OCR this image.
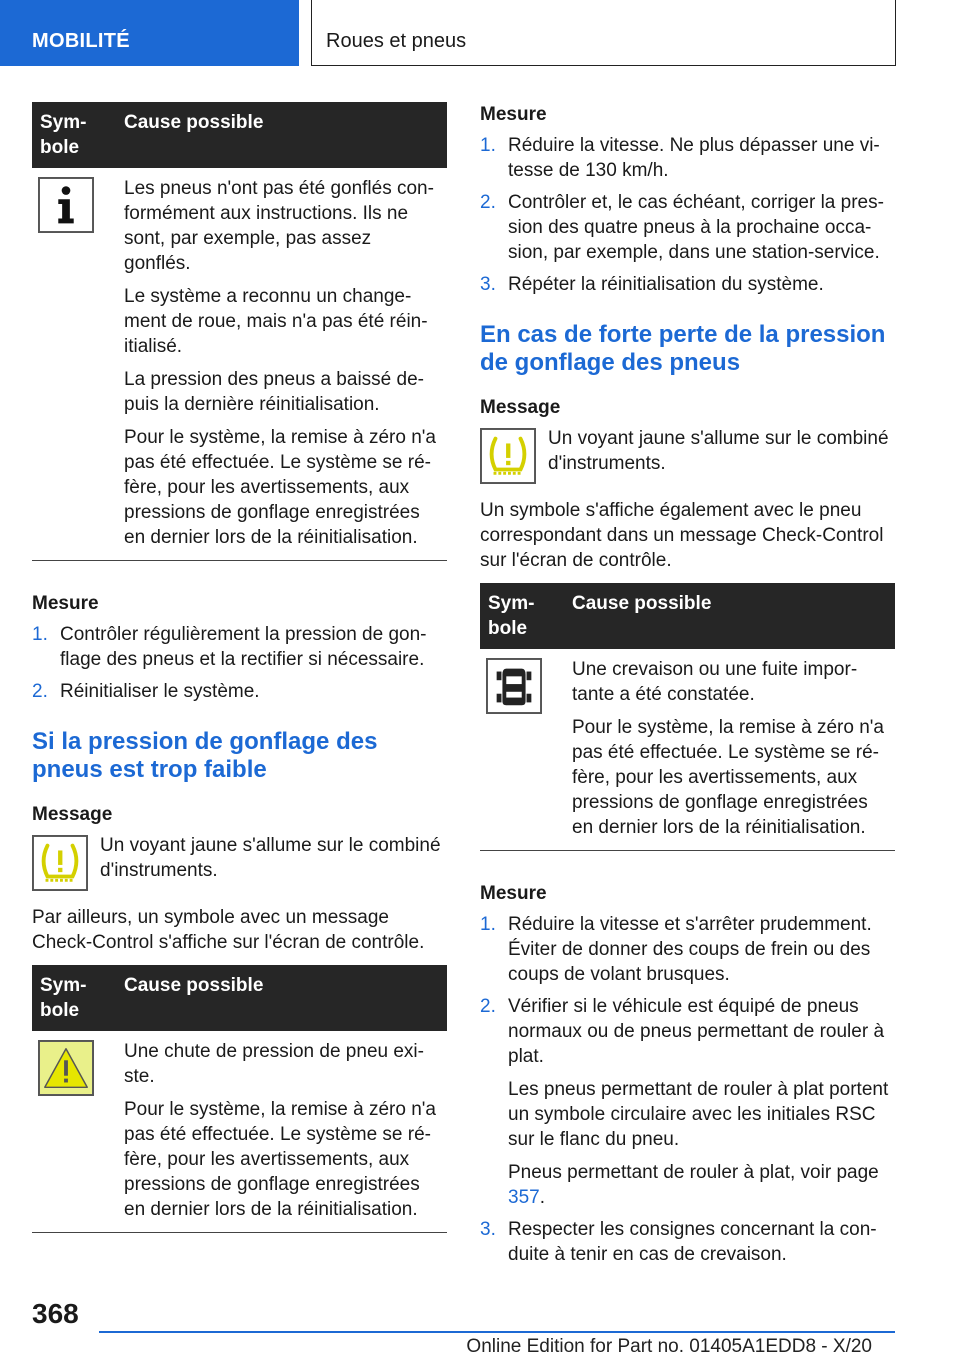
MOBILITÉ	Roues et pneus
Sym‐
bole	Cause possible

Les pneus n'ont pas été gonflés con‐formément aux instructions. Ils ne sont, par exemple, pas assez gonflés.

Le système a reconnu un change‐ment de roue, mais n'a pas été réin‐itialisé.

La pression des pneus a baissé de‐puis la dernière réinitialisation.

Pour le système, la remise à zéro n'a pas été effectuée. Le système se ré‐fère, pour les avertissements, aux pressions de gonflage enregistrées en dernier lors de la réinitialisation.

Mesure
1. Contrôler régulièrement la pression de gon‐flage des pneus et la rectifier si nécessaire.
2. Réinitialiser le système.
Si la pression de gonflage des pneus est trop faible
Message
Un voyant jaune s'allume sur le combiné d'instruments.
Par ailleurs, un symbole avec un message Check-Control s'affiche sur l'écran de contrôle.
Sym‐
bole	Cause possible

Une chute de pression de pneu exi‐ste.

Pour le système, la remise à zéro n'a pas été effectuée. Le système se ré‐fère, pour les avertissements, aux pressions de gonflage enregistrées en dernier lors de la réinitialisation.

Mesure
1. Réduire la vitesse. Ne plus dépasser une vi‐tesse de 130 km/h.
2. Contrôler et, le cas échéant, corriger la pres‐sion des quatre pneus à la prochaine occa‐sion, par exemple, dans une station-service.
3. Répéter la réinitialisation du système.
En cas de forte perte de la pression de gonflage des pneus
Message
Un voyant jaune s'allume sur le combiné d'instruments.
Un symbole s'affiche également avec le pneu correspondant dans un message Check-Control sur l'écran de contrôle.
Sym‐
bole	Cause possible

Une crevaison ou une fuite impor‐tante a été constatée.

Pour le système, la remise à zéro n'a pas été effectuée. Le système se ré‐fère, pour les avertissements, aux pressions de gonflage enregistrées en dernier lors de la réinitialisation.

Mesure
1. Réduire la vitesse et s'arrêter prudemment. Éviter de donner des coups de frein ou des coups de volant brusques.
2. Vérifier si le véhicule est équipé de pneus normaux ou de pneus permettant de rouler à plat.

Les pneus permettant de rouler à plat portent un symbole circulaire avec les initiales RSC sur le flanc du pneu.

Pneus permettant de rouler à plat, voir page 357.

3. Respecter les consignes concernant la con‐duite à tenir en cas de crevaison.
368
Online Edition for Part no. 01405A1EDD8 - X/20
